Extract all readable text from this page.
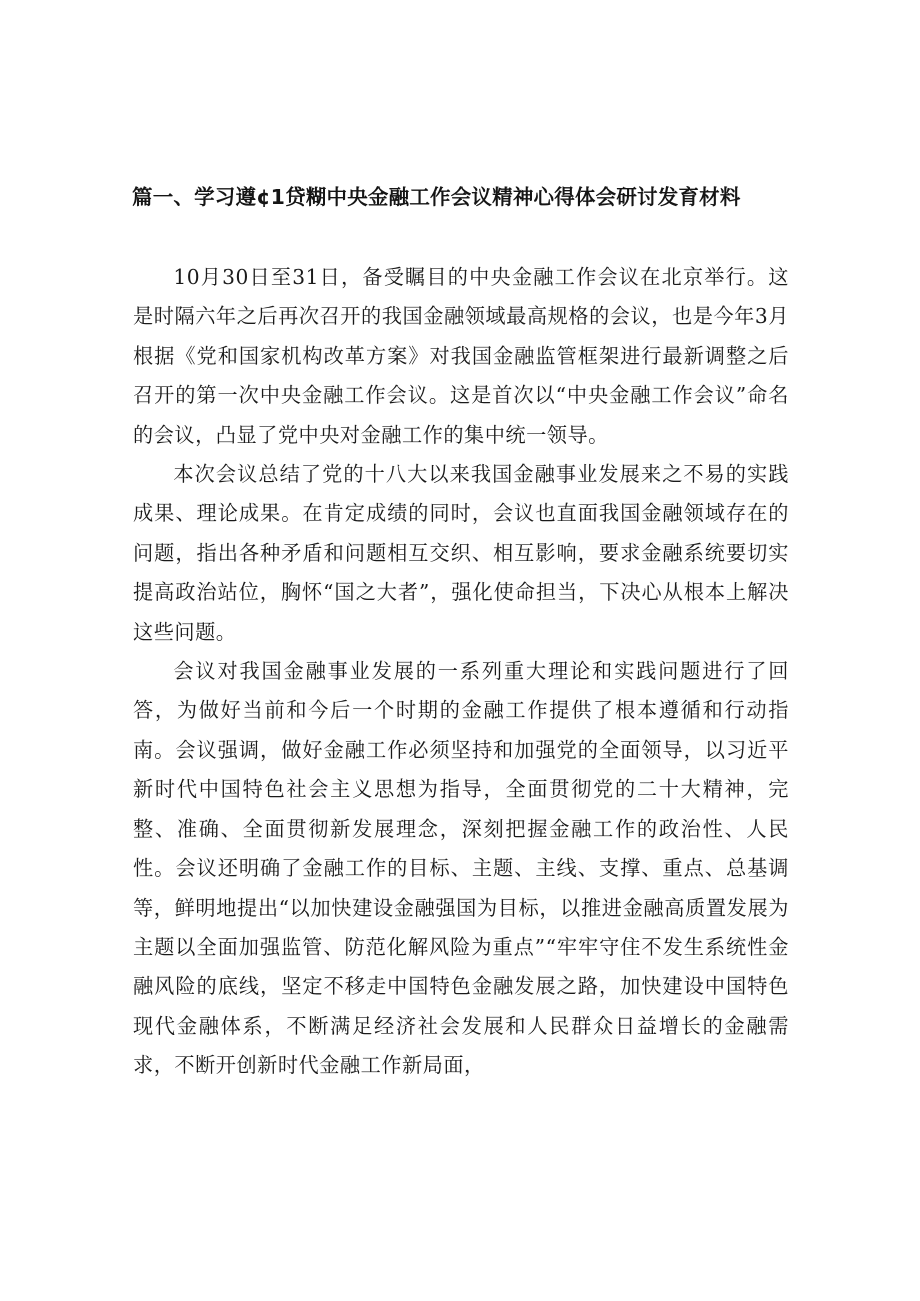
篇一、学习遵¢1贷糊中央金融工作会议精神心得体会研讨发育材料

10月30日至31日，备受瞩目的中央金融工作会议在北京举行。这是时隔六年之后再次召开的我国金融领域最高规格的会议，也是今年3月根据《党和国家机构改革方案》对我国金融监管框架进行最新调整之后召开的第一次中央金融工作会议。这是首次以“中央金融工作会议”命名的会议，凸显了党中央对金融工作的集中统一领导。

本次会议总结了党的十八大以来我国金融事业发展来之不易的实践成果、理论成果。在肯定成绩的同时，会议也直面我国金融领域存在的问题，指出各种矛盾和问题相互交织、相互影响，要求金融系统要切实提高政治站位，胸怀“国之大者”，强化使命担当，下决心从根本上解决这些问题。

会议对我国金融事业发展的一系列重大理论和实践问题进行了回答，为做好当前和今后一个时期的金融工作提供了根本遵循和行动指南。会议强调，做好金融工作必须坚持和加强党的全面领导，以习近平新时代中国特色社会主义思想为指导，全面贯彻党的二十大精神，完整、准确、全面贯彻新发展理念，深刻把握金融工作的政治性、人民性。会议还明确了金融工作的目标、主题、主线、支撑、重点、总基调等，鲜明地提出“以加快建设金融强国为目标，以推进金融高质置发展为主题以全面加强监管、防范化解风险为重点”“牢牢守住不发生系统性金融风险的底线，坚定不移走中国特色金融发展之路，加快建设中国特色现代金融体系，不断满足经济社会发展和人民群众日益增长的金融需求，不断开创新时代金融工作新局面，
